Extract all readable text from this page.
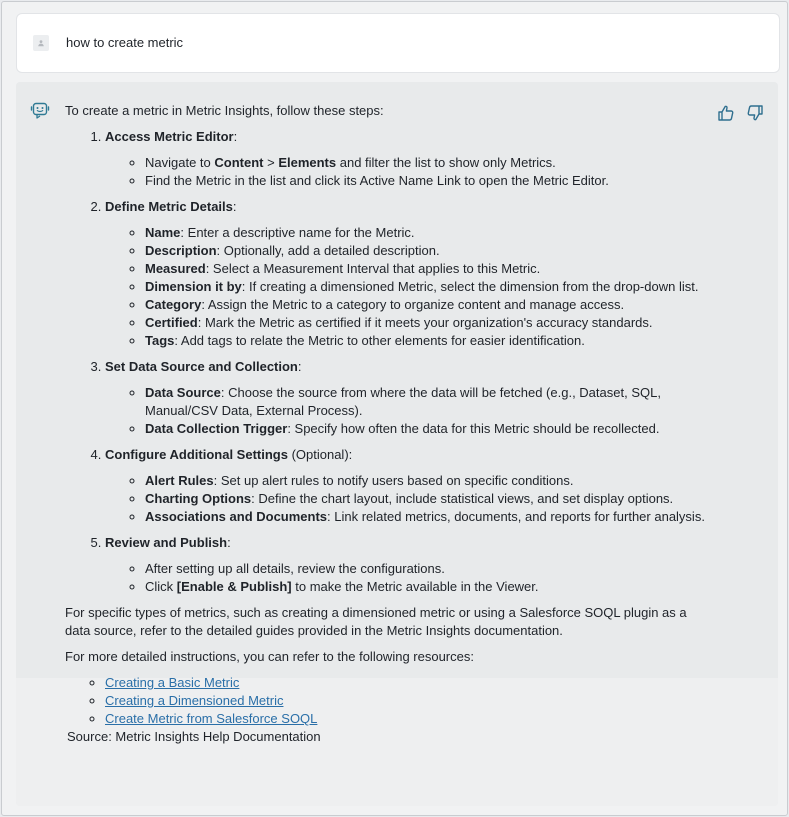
how to create metric

To create a metric in Metric Insights, follow these steps:

1. Access Metric Editor:
◦ Navigate to Content > Elements and filter the list to show only Metrics.
◦ Find the Metric in the list and click its Active Name Link to open the Metric Editor.
2. Define Metric Details:
◦ Name: Enter a descriptive name for the Metric.
◦ Description: Optionally, add a detailed description.
◦ Measured: Select a Measurement Interval that applies to this Metric.
◦ Dimension it by: If creating a dimensioned Metric, select the dimension from the drop-down list.
◦ Category: Assign the Metric to a category to organize content and manage access.
◦ Certified: Mark the Metric as certified if it meets your organization's accuracy standards.
◦ Tags: Add tags to relate the Metric to other elements for easier identification.
3. Set Data Source and Collection:
◦ Data Source: Choose the source from where the data will be fetched (e.g., Dataset, SQL, Manual/CSV Data, External Process).
◦ Data Collection Trigger: Specify how often the data for this Metric should be recollected.
4. Configure Additional Settings (Optional):
◦ Alert Rules: Set up alert rules to notify users based on specific conditions.
◦ Charting Options: Define the chart layout, include statistical views, and set display options.
◦ Associations and Documents: Link related metrics, documents, and reports for further analysis.
5. Review and Publish:
◦ After setting up all details, review the configurations.
◦ Click [Enable & Publish] to make the Metric available in the Viewer.

For specific types of metrics, such as creating a dimensioned metric or using a Salesforce SOQL plugin as a data source, refer to the detailed guides provided in the Metric Insights documentation.

For more detailed instructions, you can refer to the following resources:

◦ Creating a Basic Metric
◦ Creating a Dimensioned Metric
◦ Create Metric from Salesforce SOQL

Source: Metric Insights Help Documentation
